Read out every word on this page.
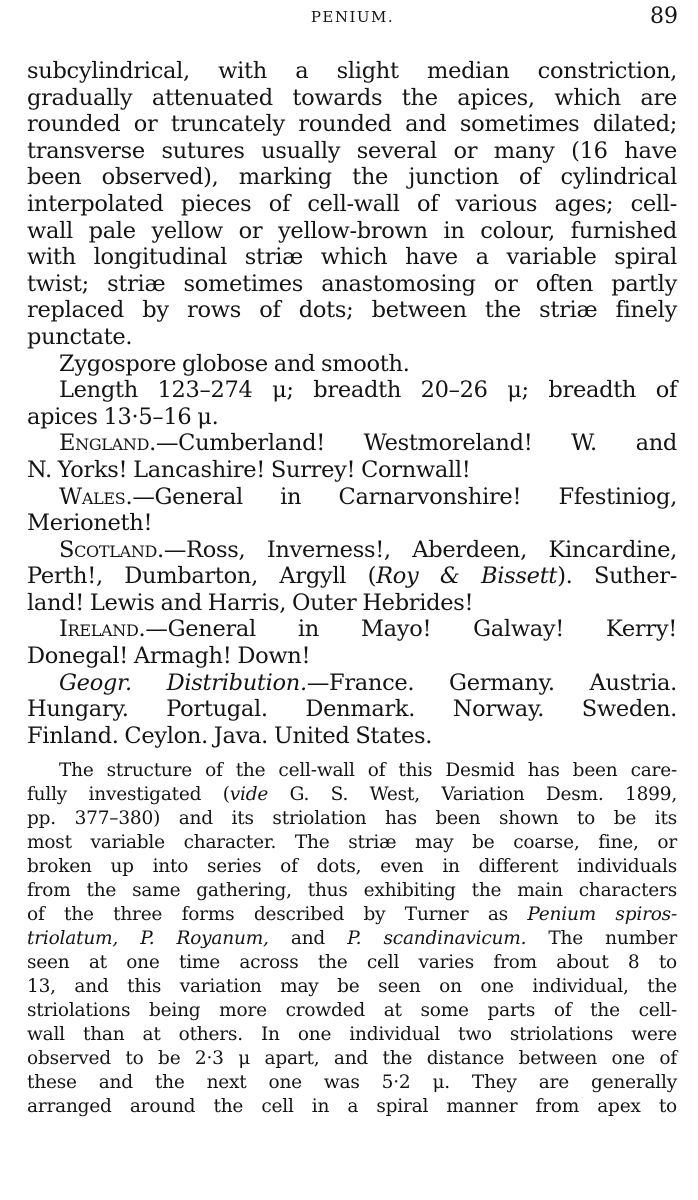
PENIUM.	89
subcylindrical, with a slight median constriction,
gradually attenuated towards the apices, which are
rounded or truncately rounded and sometimes dilated;
transverse sutures usually several or many (16 have
been observed), marking the junction of cylindrical
interpolated pieces of cell-wall of various ages; cell-
wall pale yellow or yellow-brown in colour, furnished
with longitudinal striæ which have a variable spiral
twist; striæ sometimes anastomosing or often partly
replaced by rows of dots; between the striæ finely
punctate.
Zygospore globose and smooth.
Length 123–274 μ; breadth 20–26 μ; breadth of
apices 13·5–16 μ.
England.—Cumberland! Westmoreland! W. and
N. Yorks! Lancashire! Surrey! Cornwall!
Wales.—General in Carnarvonshire! Ffestiniog,
Merioneth!
Scotland.—Ross, Inverness!, Aberdeen, Kincardine,
Perth!, Dumbarton, Argyll (Roy & Bissett). Suther-
land! Lewis and Harris, Outer Hebrides!
Ireland.—General in Mayo! Galway! Kerry!
Donegal! Armagh! Down!
Geogr. Distribution.—France. Germany. Austria.
Hungary. Portugal. Denmark. Norway. Sweden.
Finland. Ceylon. Java. United States.
The structure of the cell-wall of this Desmid has been care-
fully investigated (vide G. S. West, Variation Desm. 1899,
pp. 377–380) and its striolation has been shown to be its
most variable character. The striæ may be coarse, fine, or
broken up into series of dots, even in different individuals
from the same gathering, thus exhibiting the main characters
of the three forms described by Turner as Penium spiros-
triolatum, P. Royanum, and P. scandinavicum. The number
seen at one time across the cell varies from about 8 to
13, and this variation may be seen on one individual, the
striolations being more crowded at some parts of the cell-
wall than at others. In one individual two striolations were
observed to be 2·3 μ apart, and the distance between one of
these and the next one was 5·2 μ. They are generally
arranged around the cell in a spiral manner from apex to
